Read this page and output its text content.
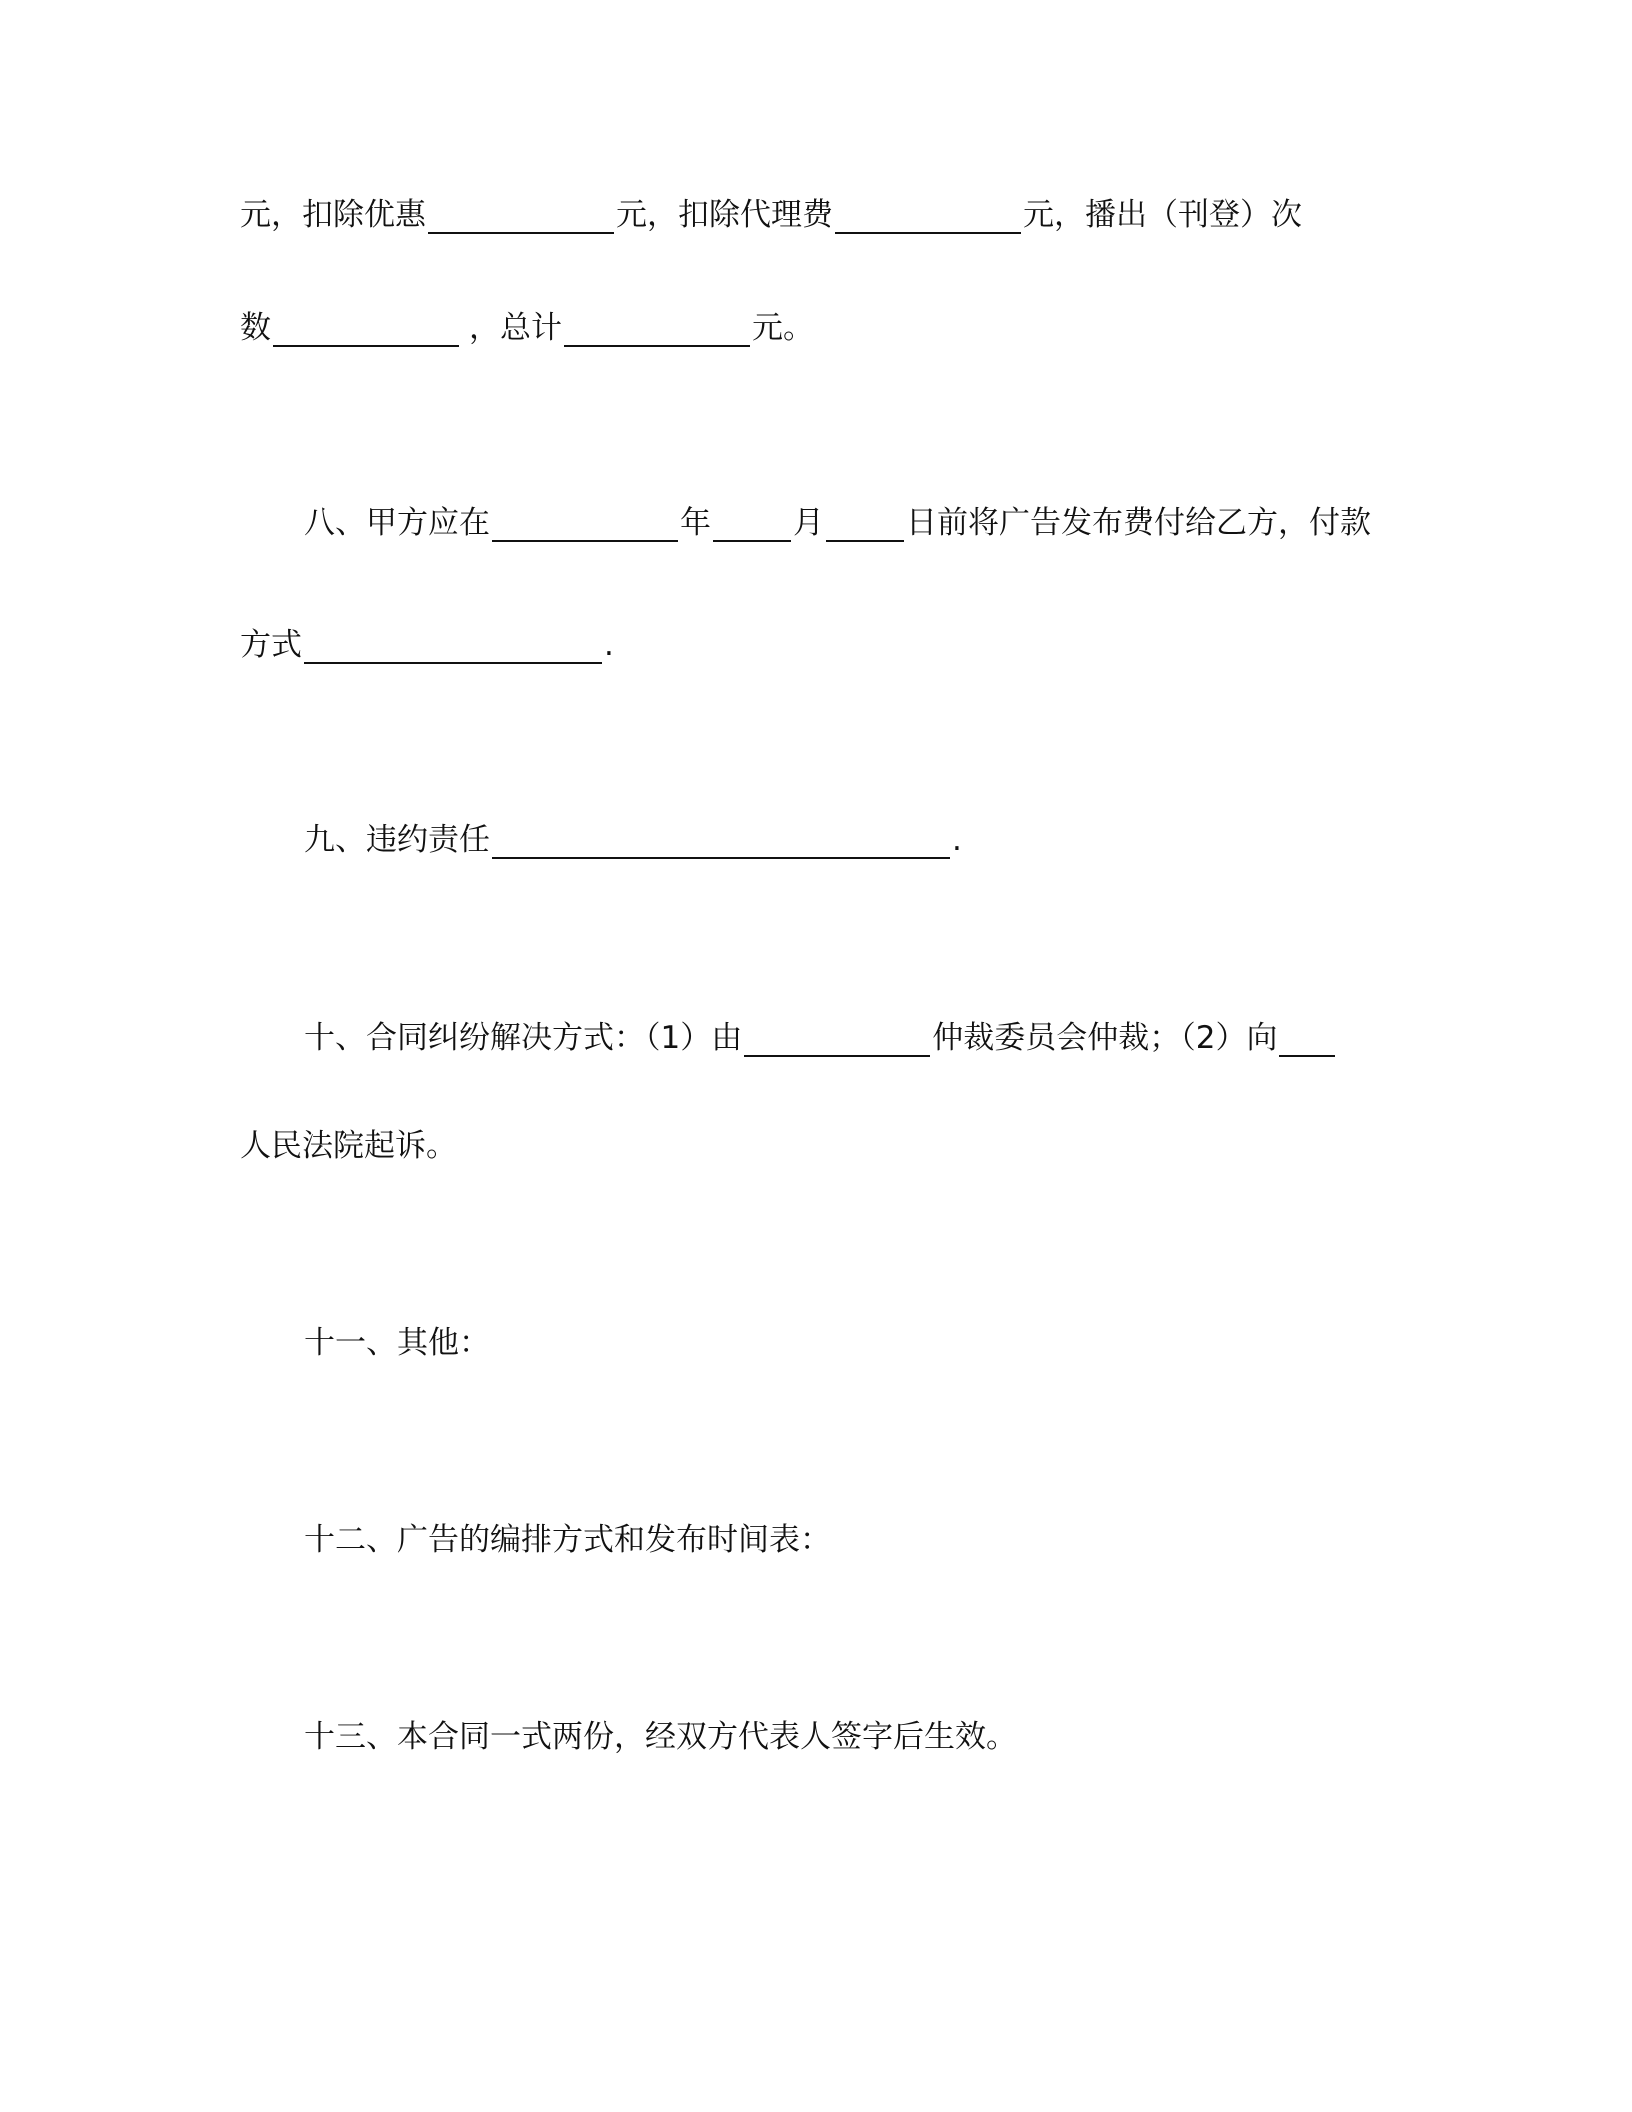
元，扣除优惠	元，扣除代理费	元，播出（刊登）次
数	，总计	元。
八、甲方应在	年	月	日前将广告发布费付给乙方，付款
方式	.
九、违约责任	.
十、合同纠纷解决方式：（1）由	仲裁委员会仲裁；（2）向
人民法院起诉。
十一、其他：
十二、广告的编排方式和发布时间表：
十三、本合同一式两份，经双方代表人签字后生效。
